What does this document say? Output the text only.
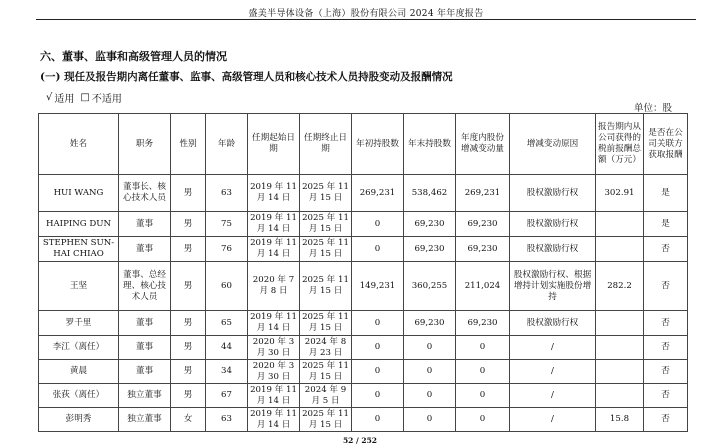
盛美半导体设备（上海）股份有限公司 2024 年年度报告
六、董事、监事和高级管理人员的情况
(一) 现任及报告期内离任董事、监事、高级管理人员和核心技术人员持股变动及报酬情况
√ 适用 □ 不适用
单位：股
姓名	职务	性别	年龄	任期起始日期	任期终止日期	年初持股数	年末持股数	年度内股份增减变动量	增减变动原因	报告期内从公司获得的税前报酬总额（万元）	是否在公司关联方获取报酬
HUI WANG	董事长、核心技术人员	男	63	2019 年 11 月 14 日	2025 年 11 月 15 日	269,231	538,462	269,231	股权激励行权	302.91	是
HAIPING DUN	董事	男	75	2019 年 11 月 14 日	2025 年 11 月 15 日	0	69,230	69,230	股权激励行权		是
STEPHEN SUN-HAI CHIAO	董事	男	76	2019 年 11 月 14 日	2025 年 11 月 15 日	0	69,230	69,230	股权激励行权		否
王坚	董事、总经理、核心技术人员	男	60	2020 年 7 月 8 日	2025 年 11 月 15 日	149,231	360,255	211,024	股权激励行权、根据增持计划实施股份增持	282.2	否
罗千里	董事	男	65	2019 年 11 月 14 日	2025 年 11 月 15 日	0	69,230	69,230	股权激励行权		否
李江（离任）	董事	男	44	2020 年 3 月 30 日	2024 年 8 月 23 日	0	0	0	/		否
黄晨	董事	男	34	2020 年 3 月 30 日	2025 年 11 月 15 日	0	0	0	/		否
张荻（离任）	独立董事	男	67	2019 年 11 月 14 日	2024 年 9 月 5 日	0	0	0	/		否
彭明秀	独立董事	女	63	2019 年 11 月 14 日	2025 年 11 月 15 日	0	0	0	/	15.8	否
52 / 252
